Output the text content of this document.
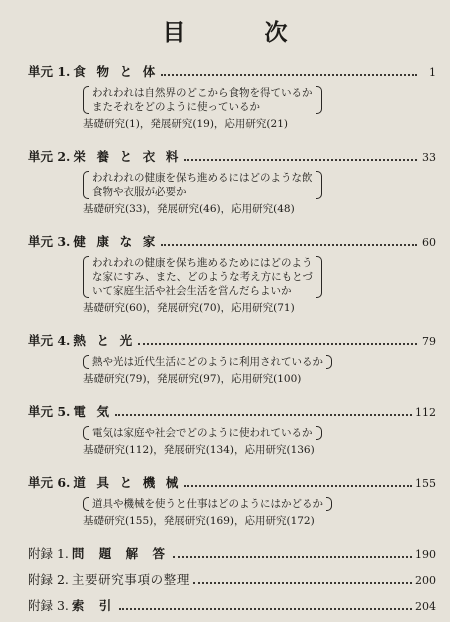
目　次
単元 1. 食 物 と 体	1
われわれは自然界のどこから食物を得ているか
またそれをどのように使っているか
基礎研究(1)，発展研究(19)，応用研究(21)
単元 2. 栄 養 と 衣 料	33
われわれの健康を保ち進めるにはどのような飲
食物や衣服が必要か
基礎研究(33)，発展研究(46)，応用研究(48)
単元 3. 健 康 な 家	60
われわれの健康を保ち進めるためにはどのよう
な家にすみ、また、どのような考え方にもとづ
いて家庭生活や社会生活を営んだらよいか
基礎研究(60)，発展研究(70)，応用研究(71)
単元 4. 熱 と 光	79
熱や光は近代生活にどのように利用されているか
基礎研究(79)，発展研究(97)，応用研究(100)
単元 5. 電 気	112
電気は家庭や社会でどのように使われているか
基礎研究(112)，発展研究(134)，応用研究(136)
単元 6. 道 具 と 機 械	155
道具や機械を使うと仕事はどのようにはかどるか
基礎研究(155)，発展研究(169)，応用研究(172)
附録 1. 問 題 解 答	190
附録 2. 主要研究事項の整理	200
附録 3. 索 引	204
